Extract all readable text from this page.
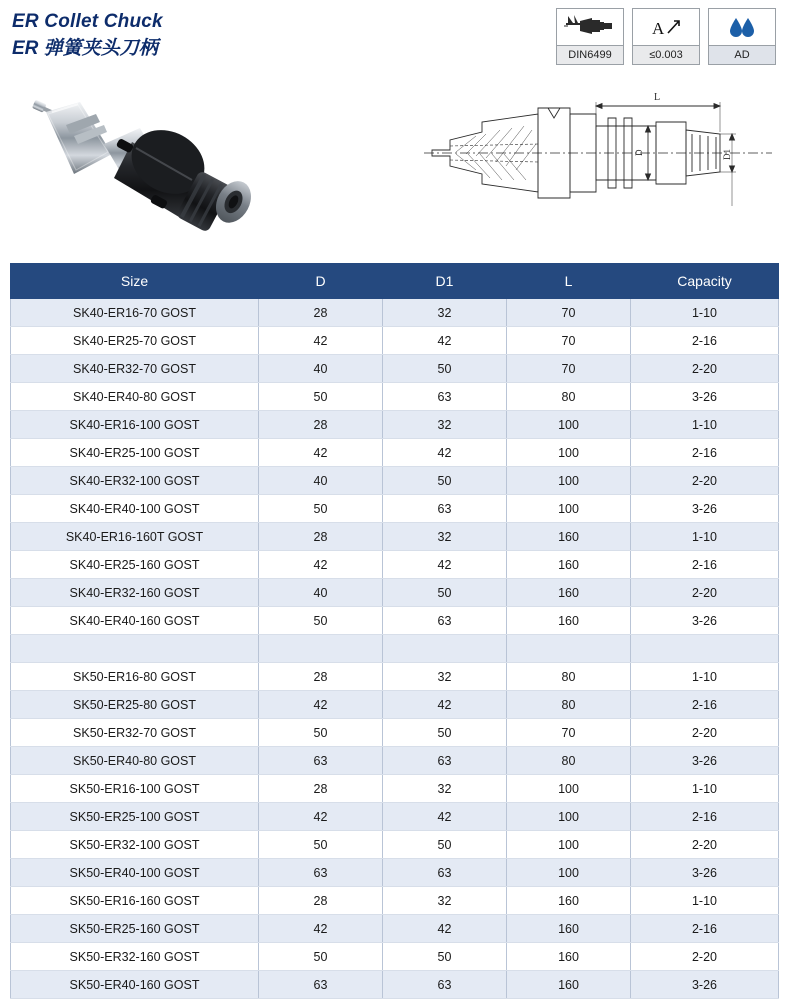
ER Collet Chuck
ER 弹簧夹头刀柄	DIN6499
A
≤0.003	AD
L
D	D1
Size	D	D1	L	Capacity
SK40-ER16-70 GOST	28	32	70	1-10
SK40-ER25-70 GOST	42	42	70	2-16
SK40-ER32-70 GOST	40	50	70	2-20
SK40-ER40-80 GOST	50	63	80	3-26
SK40-ER16-100 GOST	28	32	100	1-10
SK40-ER25-100 GOST	42	42	100	2-16
SK40-ER32-100 GOST	40	50	100	2-20
SK40-ER40-100 GOST	50	63	100	3-26
SK40-ER16-160T GOST	28	32	160	1-10
SK40-ER25-160 GOST	42	42	160	2-16
SK40-ER32-160 GOST	40	50	160	2-20
SK40-ER40-160 GOST	50	63	160	3-26

SK50-ER16-80 GOST	28	32	80	1-10
SK50-ER25-80 GOST	42	42	80	2-16
SK50-ER32-70 GOST	50	50	70	2-20
SK50-ER40-80 GOST	63	63	80	3-26
SK50-ER16-100 GOST	28	32	100	1-10
SK50-ER25-100 GOST	42	42	100	2-16
SK50-ER32-100 GOST	50	50	100	2-20
SK50-ER40-100 GOST	63	63	100	3-26
SK50-ER16-160 GOST	28	32	160	1-10
SK50-ER25-160 GOST	42	42	160	2-16
SK50-ER32-160 GOST	50	50	160	2-20
SK50-ER40-160 GOST	63	63	160	3-26
